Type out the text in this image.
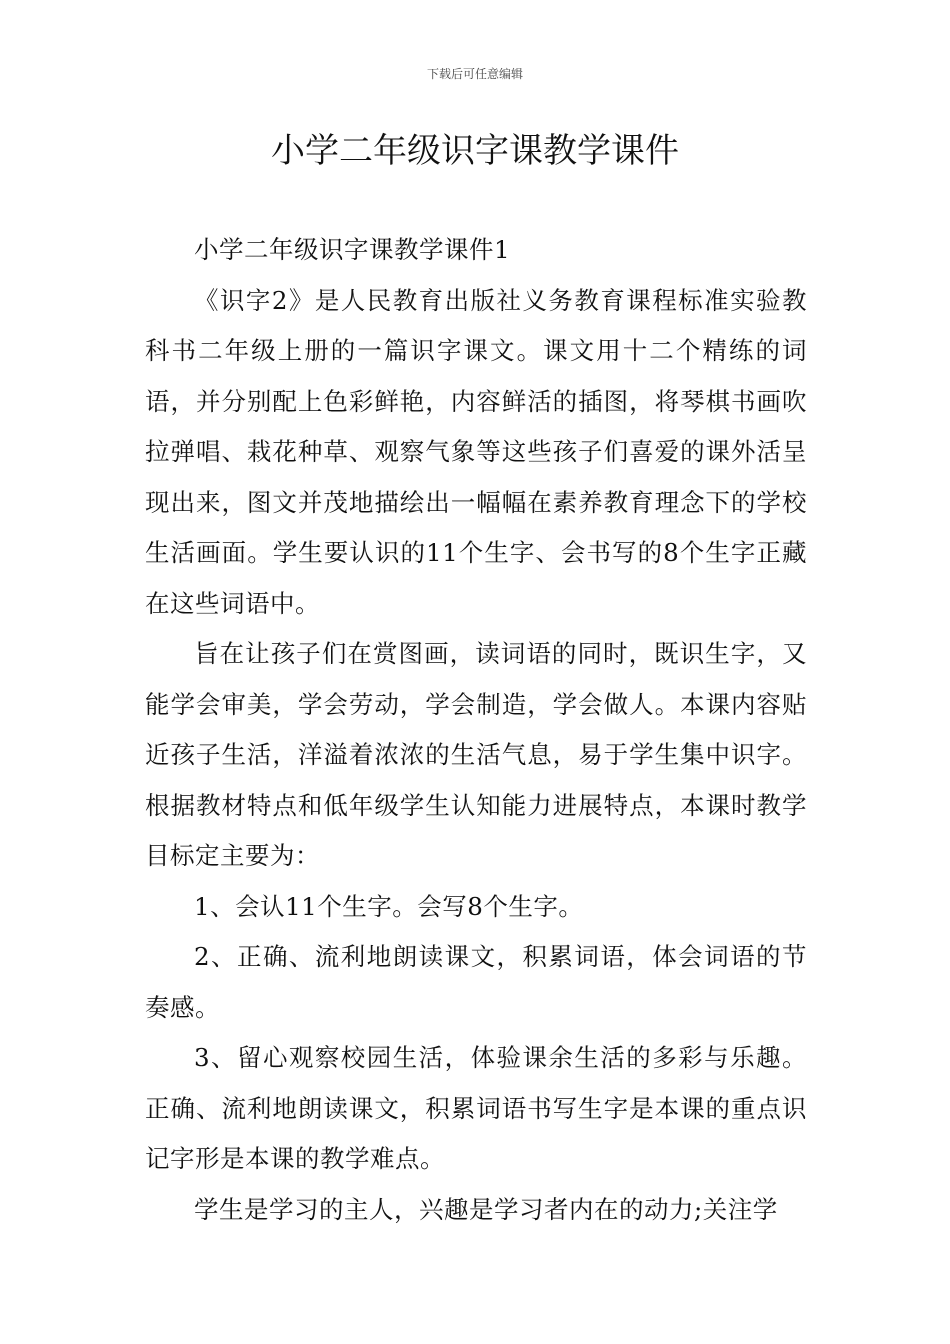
下载后可任意编辑
小学二年级识字课教学课件

小学二年级识字课教学课件1

《识字2》是人民教育出版社义务教育课程标准实验教科书二年级上册的一篇识字课文。课文用十二个精练的词语，并分别配上色彩鲜艳，内容鲜活的插图，将琴棋书画吹拉弹唱、栽花种草、观察气象等这些孩子们喜爱的课外活呈现出来，图文并茂地描绘出一幅幅在素养教育理念下的学校生活画面。学生要认识的11个生字、会书写的8个生字正藏在这些词语中。

旨在让孩子们在赏图画，读词语的同时，既识生字，又能学会审美，学会劳动，学会制造，学会做人。本课内容贴近孩子生活，洋溢着浓浓的生活气息，易于学生集中识字。根据教材特点和低年级学生认知能力进展特点，本课时教学目标定主要为：

1、会认11个生字。会写8个生字。

2、正确、流利地朗读课文，积累词语，体会词语的节奏感。

3、留心观察校园生活，体验课余生活的多彩与乐趣。正确、流利地朗读课文，积累词语书写生字是本课的重点识记字形是本课的教学难点。

学生是学习的主人，兴趣是学习者内在的动力;关注学
